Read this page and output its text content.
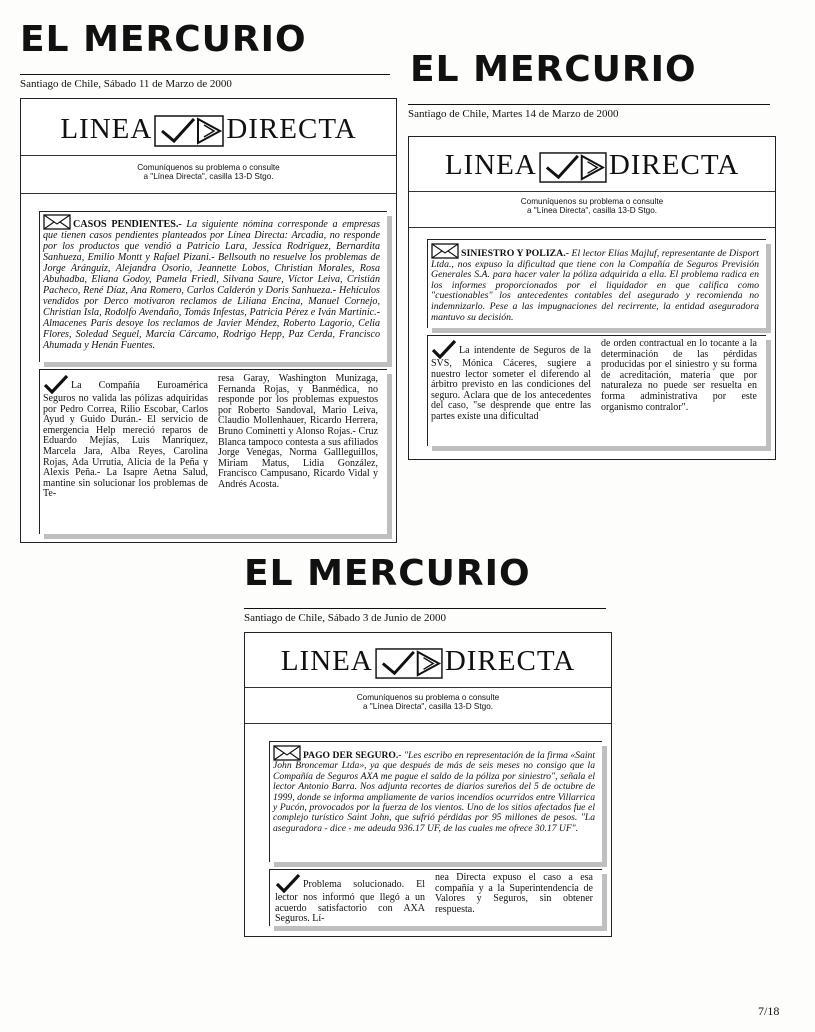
EL MERCURIO
Santiago de Chile, Sábado 11 de Marzo de 2000
LINEA	DIRECTA
Comuníquenos su problema o consulte
a "Línea Directa", casilla 13-D Stgo.
CASOS PENDIENTES.- La siguiente nómina corresponde a empresas que tienen casos pendientes planteados por Línea Directa: Arcadia, no responde por los productos que vendió a Patricio Lara, Jessica Rodríguez, Bernardita Sanhueza, Emilio Montt y Rafael Pizani.- Bellsouth no resuelve los problemas de Jorge Aránguiz, Alejandra Osorio, Jeannette Lobos, Christian Morales, Rosa Abuhadba, Eliana Godoy, Pamela Friedl, Silvana Saure, Víctor Leiva, Cristián Pacheco, René Díaz, Ana Romero, Carlos Calderón y Doris Sanhueza.- Hehículos vendidos por Derco motivaron reclamos de Liliana Encina, Manuel Cornejo, Christian Isla, Rodolfo Avendaño, Tomás Infestas, Patricia Pérez e Iván Martinic.- Almacenes París desoye los reclamos de Javier Méndez, Roberto Lagorio, Celia Flores, Soledad Seguel, Marcia Cárcamo, Rodrigo Hepp, Paz Cerda, Francisco Ahumada y Henán Fuentes.
La Compañía Euroamérica Seguros no valida las pólizas adquiridas por Pedro Correa, Rilio Escobar, Carlos Ayud y Guido Durán.- El servicio de emergencia Help mereció reparos de Eduardo Mejías, Luis Manríquez, Marcela Jara, Alba Reyes, Carolina Rojas, Ada Urrutia, Alicia de la Peña y Alexis Peña.- La Isapre Aetna Salud, mantine sin solucionar los problemas de Te-
resa Garay, Washington Munizaga, Fernanda Rojas, y Banmédica, no responde por los problemas expuestos por Roberto Sandoval, Mario Leiva, Claudio Mollenhauer, Ricardo Herrera, Bruno Cominetti y Alonso Rojas.- Cruz Blanca tampoco contesta a sus afiliados Jorge Venegas, Norma Gallleguillos, Miriam Matus, Lidia González, Francisco Campusano, Ricardo Vidal y Andrés Acosta.
EL MERCURIO
Santiago de Chile, Martes 14 de Marzo de 2000
LINEA DIRECTA
Comuníquenos su problema o consulte
a "Línea Directa", casilla 13-D Stgo.
SINIESTRO Y POLIZA.- El lector Elías Majluf, representante de Disport Ltda., nos expuso la dificultad que tiene con la Compañía de Seguros Previsión Generales S.A. para hacer valer la póliza adquirida a ella. El problema radica en los informes proporcionados por el liquidador en que califica como "cuestionables" los antecedentes contables del asegurado y recomienda no indemnizarlo. Pese a las impugnaciones del recirrente, la entidad aseguradora mantuvo su decisión.
La intendente de Seguros de la SVS, Mónica Cáceres, sugiere a nuestro lector someter el diferendo al árbitro previsto en las condiciones del seguro. Aclara que de los antecedentes del caso, "se desprende que entre las partes existe una dificultad
de orden contractual en lo tocante a la determinación de las pérdidas producidas por el siniestro y su forma de acreditación, materia que por naturaleza no puede ser resuelta en forma administrativa por este organismo contralor".
EL MERCURIO
Santiago de Chile, Sábado 3 de Junio de 2000
LINEA DIRECTA
Comuníquenos su problema o consulte
a "Línea Directa", casilla 13-D Stgo.
PAGO DER SEGURO.- "Les escribo en representación de la firma «Saint John Broncemar Ltda», ya que después de más de seis meses no consigo que la Compañía de Seguros AXA me pague el saldo de la póliza por siniestro", señala el lector Antonio Barra. Nos adjunta recortes de diarios sureños del 5 de octubre de 1999, donde se informa ampliamente de varios incendios ocurridos entre Villarrica y Pucón, provocados por la fuerza de los vientos. Uno de los sitios afectados fue el complejo turístico Saint John, que sufrió pérdidas por 95 millones de pesos. "La aseguradora - dice - me adeuda 936.17 UF, de las cuales me ofrece 30.17 UF".
Problema solucionado. El lector nos informó que llegó a un acuerdo satisfactorio con AXA Seguros. Lí-
nea Directa expuso el caso a esa compañía y a la Superintendencia de Valores y Seguros, sin obtener respuesta.
7/18
